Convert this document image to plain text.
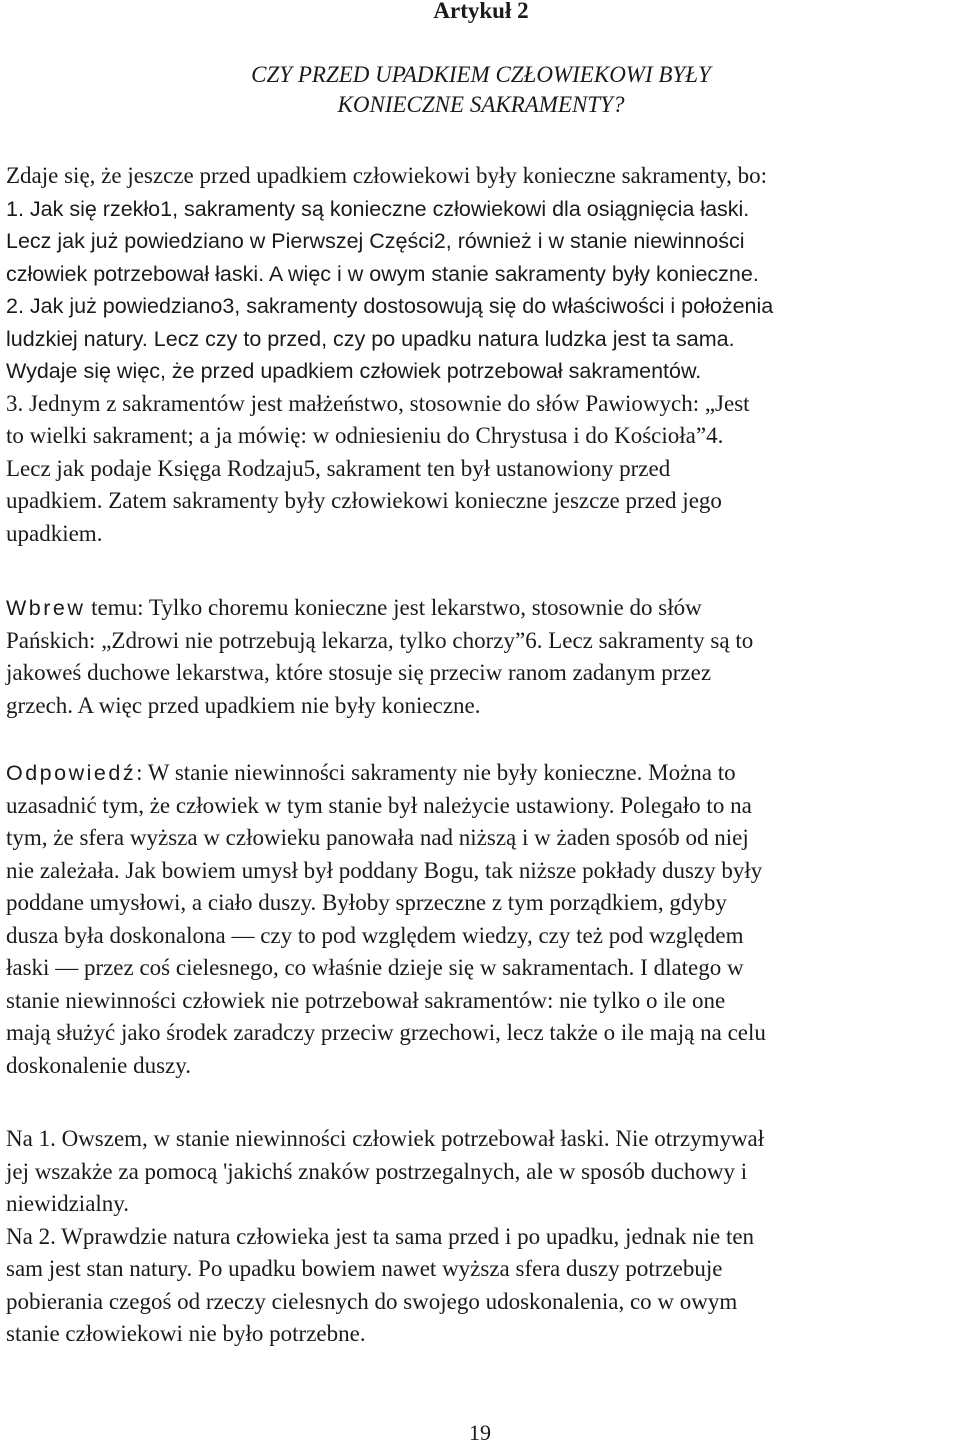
Artykuł 2
CZY PRZED UPADKIEM CZŁOWIEKOWI BYŁY
KONIECZNE SAKRAMENTY?
Zdaje się, że jeszcze przed upadkiem człowiekowi były konieczne sakramenty, bo:
1. Jak się rzekło1, sakramenty są konieczne człowiekowi dla osiągnięcia łaski.
Lecz jak już powiedziano w Pierwszej Części2, również i w stanie niewinności
człowiek potrzebował łaski. A więc i w owym stanie sakramenty były konieczne.
2. Jak już powiedziano3, sakramenty dostosowują się do właściwości i położenia
ludzkiej natury. Lecz czy to przed, czy po upadku natura ludzka jest ta sama.
Wydaje się więc, że przed upadkiem człowiek potrzebował sakramentów.
3. Jednym z sakramentów jest małżeństwo, stosownie do słów Pawiowych: „Jest
to wielki sakrament; a ja mówię: w odniesieniu do Chrystusa i do Kościoła”4.
Lecz jak podaje Księga Rodzaju5, sakrament ten był ustanowiony przed
upadkiem. Zatem sakramenty były człowiekowi konieczne jeszcze przed jego
upadkiem.
Wbrew temu: Tylko choremu konieczne jest lekarstwo, stosownie do słów
Pańskich: „Zdrowi nie potrzebują lekarza, tylko chorzy”6. Lecz sakramenty są to
jakoweś duchowe lekarstwa, które stosuje się przeciw ranom zadanym przez
grzech. A więc przed upadkiem nie były konieczne.
Odpowiedź: W stanie niewinności sakramenty nie były konieczne. Można to
uzasadnić tym, że człowiek w tym stanie był należycie ustawiony. Polegało to na
tym, że sfera wyższa w człowieku panowała nad niższą i w żaden sposób od niej
nie zależała. Jak bowiem umysł był poddany Bogu, tak niższe pokłady duszy były
poddane umysłowi, a ciało duszy. Byłoby sprzeczne z tym porządkiem, gdyby
dusza była doskonalona — czy to pod względem wiedzy, czy też pod względem
łaski — przez coś cielesnego, co właśnie dzieje się w sakramentach. I dlatego w
stanie niewinności człowiek nie potrzebował sakramentów: nie tylko o ile one
mają służyć jako środek zaradczy przeciw grzechowi, lecz także o ile mają na celu
doskonalenie duszy.
Na 1. Owszem, w stanie niewinności człowiek potrzebował łaski. Nie otrzymywał
jej wszakże za pomocą 'jakichś znaków postrzegalnych, ale w sposób duchowy i
niewidzialny.
Na 2. Wprawdzie natura człowieka jest ta sama przed i po upadku, jednak nie ten
sam jest stan natury. Po upadku bowiem nawet wyższa sfera duszy potrzebuje
pobierania czegoś od rzeczy cielesnych do swojego udoskonalenia, co w owym
stanie człowiekowi nie było potrzebne.
19
